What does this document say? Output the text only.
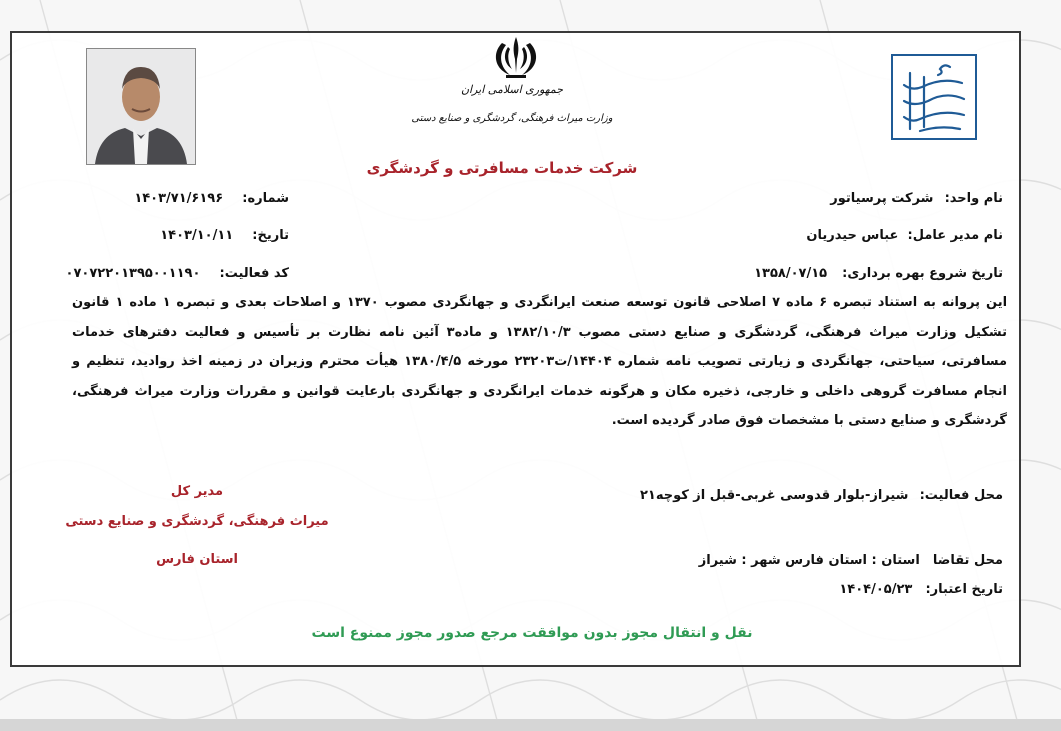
جمهوری اسلامی ایران
وزارت میراث فرهنگی، گردشگری و صنایع دستی
شرکت خدمات مسافرتی و گردشگری
نام واحد: شرکت پرسیاتور
نام مدیر عامل: عباس حیدریان
تاریخ شروع بهره برداری: ۱۳۵۸/۰۷/۱۵
شماره: ۱۴۰۳/۷۱/۶۱۹۶
تاریخ: ۱۴۰۳/۱۰/۱۱
کد فعالیت: ۰۷۰۷۲۲۰۱۳۹۵۰۰۱۱۹۰
این پروانه به استناد تبصره ۶ ماده ۷ اصلاحی قانون توسعه صنعت ایرانگردی و جهانگردی مصوب ۱۳۷۰ و اصلاحات بعدی و تبصره ۱ ماده ۱ قانون تشکیل وزارت میراث فرهنگی، گردشگری و صنایع دستی مصوب ۱۳۸۲/۱۰/۳ و ماده۳ آئین نامه نظارت بر تأسیس و فعالیت دفترهای خدمات مسافرتی، سیاحتی، جهانگردی و زیارتی تصویب نامه شماره ۱۴۴۰۴/ت۲۳۲۰۳ مورخه ۱۳۸۰/۴/۵ هیأت محترم وزیران در زمینه اخذ روادید، تنظیم و انجام مسافرت گروهی داخلی و خارجی، ذخیره مکان و هرگونه خدمات ایرانگردی و جهانگردی بارعایت قوانین و مقررات وزارت میراث فرهنگی، گردشگری و صنایع دستی با مشخصات فوق صادر گردیده است.
محل فعالیت: شیراز-بلوار قدوسی غربی-قبل از کوچه۲۱
محل تقاضا استان : استان فارس شهر : شیراز
تاریخ اعتبار: ۱۴۰۴/۰۵/۲۳
مدیر کل
میراث فرهنگی، گردشگری و صنایع دستی
استان فارس
نقل و انتقال مجوز بدون موافقت مرجع صدور مجوز ممنوع است
